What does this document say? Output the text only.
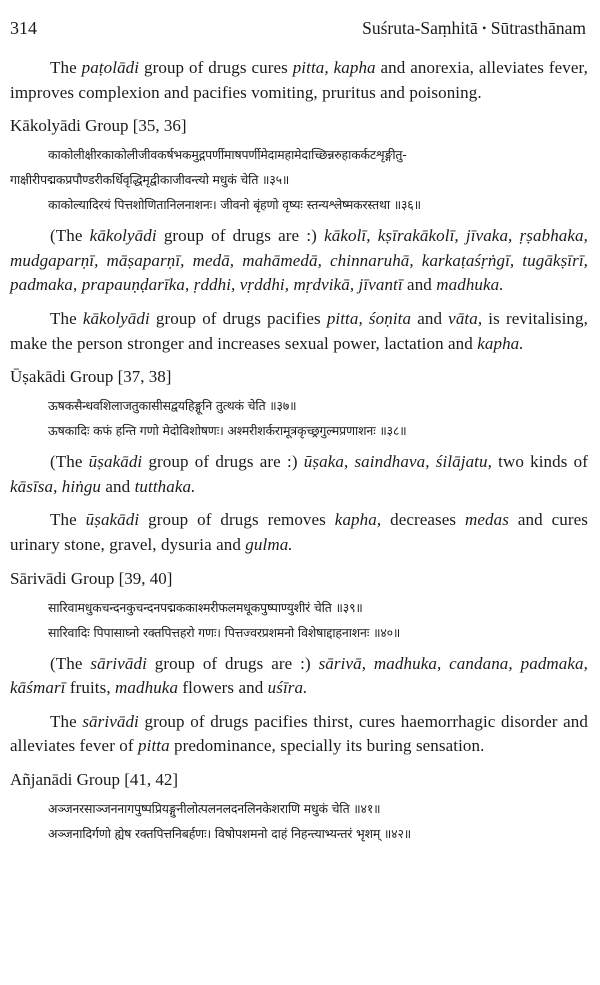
314	Suśruta-Saṃhitā • Sūtrasthānam

The paṭolādi group of drugs cures pitta, kapha and anorexia, alleviates fever, improves complexion and pacifies vomiting, pruritus and poisoning.

Kākolyādi Group [35, 36]
काकोलीक्षीरकाकोलीजीवकर्षभकमुद्गपर्णीमाषपर्णीमेदामहामेदाच्छिन्नरुहाकर्कटशृङ्गीतु-
गाक्षीरीपद्मकप्रपौण्डरीकर्धिवृद्धिमृद्वीकाजीवन्त्यो मधुकं चेति ॥३५॥
काकोल्यादिरयं पित्तशोणितानिलनाशनः। जीवनो बृंहणो वृष्यः स्तन्यश्लेष्मकरस्तथा ॥३६॥

(The kākolyādi group of drugs are :) kākolī, kṣīrakākolī, jīvaka, ṛṣabhaka, mudgaparṇī, māṣaparṇī, medā, mahāmedā, chinnaruhā, karkaṭaśṛṅgī, tugākṣīrī, padmaka, prapauṇḍarīka, ṛddhi, vṛddhi, mṛdvikā, jīvantī and madhuka.

The kākolyādi group of drugs pacifies pitta, śoṇita and vāta, is revitalising, make the person stronger and increases sexual power, lactation and kapha.

Ūṣakādi Group [37, 38]
ऊषकसैन्धवशिलाजतुकासीसद्वयहिङ्गूनि तुत्थकं चेति ॥३७॥
ऊषकादिः कफं हन्ति गणो मेदोविशोषणः। अश्मरीशर्करामूत्रकृच्छ्रगुल्मप्रणाशनः ॥३८॥

(The ūṣakādi group of drugs are :) ūṣaka, saindhava, śilājatu, two kinds of kāsīsa, hiṅgu and tutthaka.

The ūṣakādi group of drugs removes kapha, decreases medas and cures urinary stone, gravel, dysuria and gulma.

Sārivādi Group [39, 40]
सारिवामधुकचन्दनकुचन्दनपद्मककाश्मरीफलमधूकपुष्पाण्युशीरं चेति ॥३९॥
सारिवादिः पिपासाघ्नो रक्तपित्तहरो गणः। पित्तज्वरप्रशमनो विशेषाद्दाहनाशनः ॥४०॥

(The sārivādi group of drugs are :) sārivā, madhuka, candana, padmaka, kāśmarī fruits, madhuka flowers and uśīra.

The sārivādi group of drugs pacifies thirst, cures haemorrhagic disorder and alleviates fever of pitta predominance, specially its buring sensation.

Añjanādi Group [41, 42]
अञ्जनरसाञ्जननागपुष्पप्रियङ्गुनीलोत्पलनलदनलिनकेशराणि मधुकं चेति ॥४१॥
अञ्जनादिर्गणो ह्येष रक्तपित्तनिबर्हणः। विषोपशमनो दाहं निहन्त्याभ्यन्तरं भृशम् ॥४२॥
